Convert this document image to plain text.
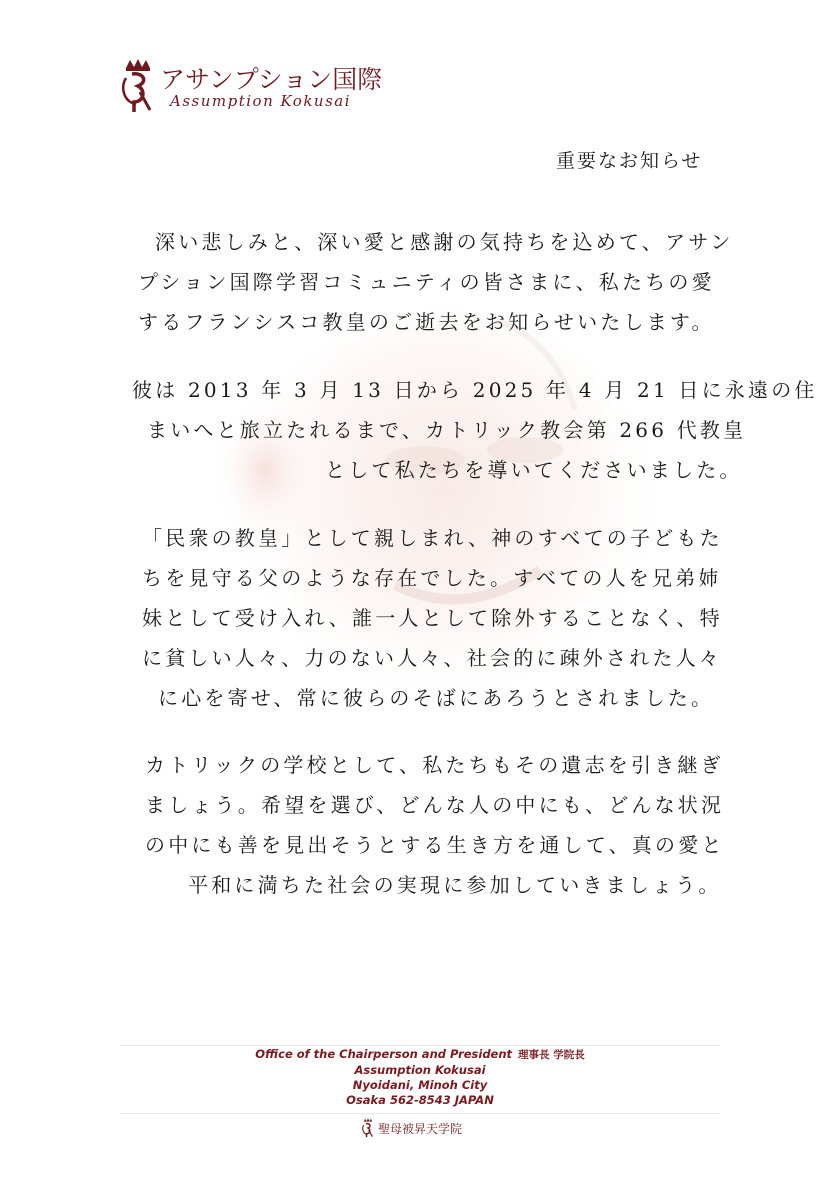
アサンプション国際
Assumption Kokusai
重要なお知らせ
深い悲しみと、深い愛と感謝の気持ちを込めて、アサン
プション国際学習コミュニティの皆さまに、私たちの愛
するフランシスコ教皇のご逝去をお知らせいたします。
彼は 2013 年 3 月 13 日から 2025 年 4 月 21 日に永遠の住
まいへと旅立たれるまで、カトリック教会第 266 代教皇
として私たちを導いてくださいました。
「民衆の教皇」として親しまれ、神のすべての子どもた
ちを見守る父のような存在でした。すべての人を兄弟姉
妹として受け入れ、誰一人として除外することなく、特
に貧しい人々、力のない人々、社会的に疎外された人々
に心を寄せ、常に彼らのそばにあろうとされました。
カトリックの学校として、私たちもその遺志を引き継ぎ
ましょう。希望を選び、どんな人の中にも、どんな状況
の中にも善を見出そうとする生き方を通して、真の愛と
平和に満ちた社会の実現に参加していきましょう。
Office of the Chairperson and President 理事長 学院長
Assumption Kokusai
Nyoidani, Minoh City
Osaka 562-8543 JAPAN
聖母被昇天学院
